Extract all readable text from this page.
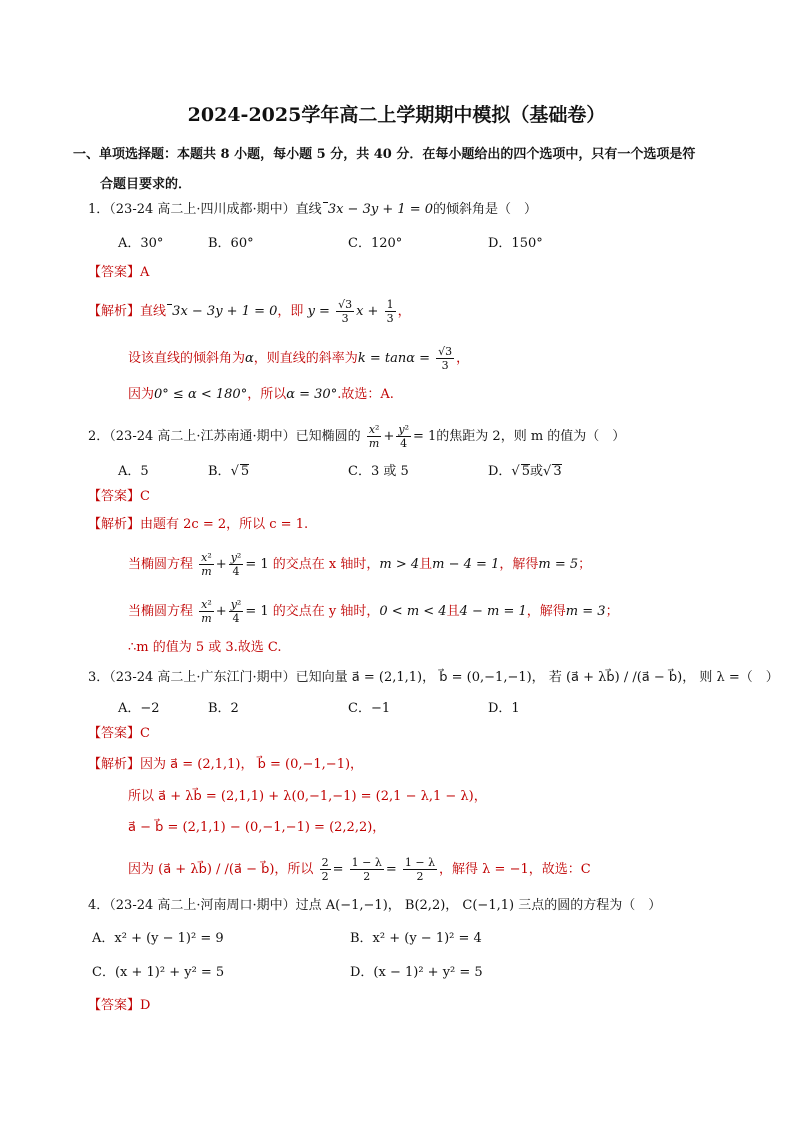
2024-2025学年高二上学期期中模拟（基础卷）
一、单项选择题：本题共 8 小题，每小题 5 分，共 40 分．在每小题给出的四个选项中，只有一个选项是符
合题目要求的．
1．（23-24 高二上·四川成都·期中）直线 3x − 3y + 1 = 0的倾斜角是（　）
A．30°	B．60°	C．120°	D．150°
【答案】A
【解析】直线 3x − 3y + 1 = 0，即 $y = \frac{√3}{3}$ $x + \frac{1}{3}$ ，
设该直线的倾斜角为α，则直线的斜率为$k = \tan\alpha = \frac{√3}{3}$ ，
因为0° ≤ α < 180°，所以α = 30°.故选：A.
2．（23-24 高二上·江苏南通·期中）已知椭圆的 $\frac{\text{x²}}{m} + \frac{\text{y²}}{4} = 1$的焦距为 2，则 m 的值为（　）
A．5	B．√ 5	C．3 或 5	D．√ 5或√ 3
【答案】C
【解析】由题有 2c = 2，所以 c = 1.
当椭圆方程 $\frac{\text{x²}}{m} + \frac{\text{y²}}{4} = 1$ 的交点在 x 轴时，m > 4且m − 4 = 1，解得m = 5；
当椭圆方程 $\frac{\text{x²}}{m} + \frac{\text{y²}}{4} = 1$ 的交点在 y 轴时，0 < m < 4且4 − m = 1，解得m = 3；
∴m 的值为 5 或 3.故选 C.
3．（23-24 高二上·广东江门·期中）已知向量 a⃗ = (2,1,1)， b⃗ = (0,−1,−1)， 若 (a⃗ + λb⃗) / /(a⃗ − b⃗)， 则 λ =（　）
A．−2	B．2	C．−1	D．1
【答案】C
【解析】因为 a⃗ = (2,1,1)， b⃗ = (0,−1,−1)，
所以 a⃗ + λb⃗ = (2,1,1) + λ(0,−1,−1) = (2,1 − λ,1 − λ)，
a⃗ − b⃗ = (2,1,1) − (0,−1,−1) = (2,2,2)，
因为 (a⃗ + λb⃗) / /(a⃗ − b⃗)，所以 $\frac{2}{2} = \frac{1 - \lambda}{2} = \frac{1 - \lambda}{2}$ ，解得 λ = −1，故选：C
4．（23-24 高二上·河南周口·期中）过点 A(−1,−1)， B(2,2)， C(−1,1) 三点的圆的方程为（　）
A．x² + (y − 1)² = 9	B．x² + (y − 1)² = 4
C．(x + 1)² + y² = 5	D．(x − 1)² + y² = 5
【答案】D
